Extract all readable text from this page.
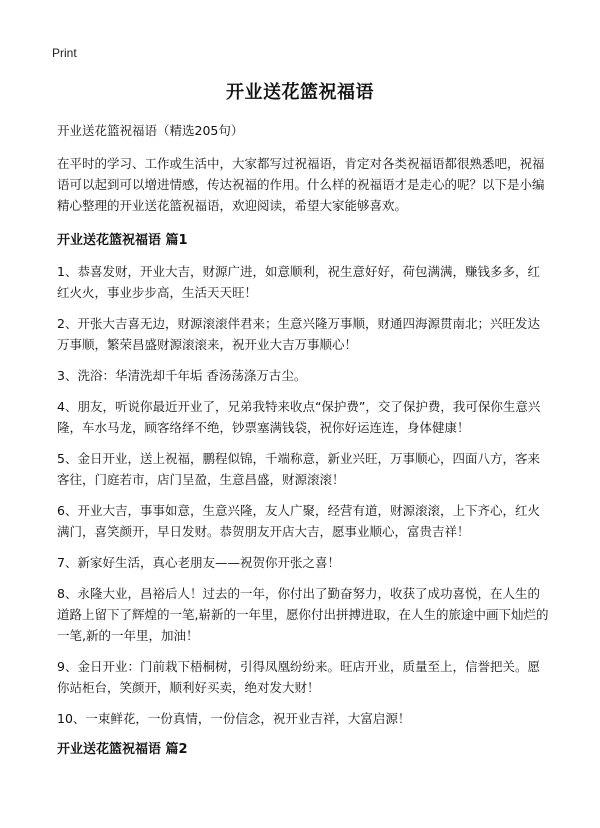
Print
开业送花篮祝福语

开业送花篮祝福语（精选205句）

在平时的学习、工作或生活中，大家都写过祝福语，肯定对各类祝福语都很熟悉吧，祝福语可以起到可以增进情感，传达祝福的作用。什么样的祝福语才是走心的呢？以下是小编精心整理的开业送花篮祝福语，欢迎阅读，希望大家能够喜欢。

开业送花篮祝福语 篇1

1、恭喜发财，开业大吉，财源广进，如意顺利，祝生意好好，荷包满满，赚钱多多，红红火火，事业步步高，生活天天旺！

2、开张大吉喜无边，财源滚滚伴君来；生意兴隆万事顺，财通四海源贯南北；兴旺发达万事顺，繁荣昌盛财源滚滚来，祝开业大吉万事顺心！

3、洗浴：华清洗却千年垢 香汤荡涤万古尘。

4、朋友，听说你最近开业了，兄弟我特来收点“保护费”，交了保护费，我可保你生意兴隆，车水马龙，顾客络绎不绝，钞票塞满钱袋，祝你好运连连，身体健康！

5、金日开业，送上祝福，鹏程似锦，千端称意，新业兴旺，万事顺心，四面八方，客来客往，门庭若市，店门呈盈，生意昌盛，财源滚滚！

6、开业大吉，事事如意，生意兴隆，友人广聚，经营有道，财源滚滚，上下齐心，红火满门，喜笑颜开，早日发财。恭贺朋友开店大吉，愿事业顺心，富贵吉祥！

7、新家好生活，真心老朋友——祝贺你开张之喜！

8、永隆大业，昌裕后人！过去的一年，你付出了勤奋努力，收获了成功喜悦，在人生的道路上留下了辉煌的一笔,崭新的一年里，愿你付出拼搏进取，在人生的旅途中画下灿烂的一笔,新的一年里，加油！

9、金日开业：门前栽下梧桐树，引得凤凰纷纷来。旺店开业，质量至上，信誉把关。愿你站柜台，笑颜开，顺利好买卖，绝对发大财！

10、一束鲜花，一份真情，一份信念，祝开业吉祥，大富启源！

开业送花篮祝福语 篇2
